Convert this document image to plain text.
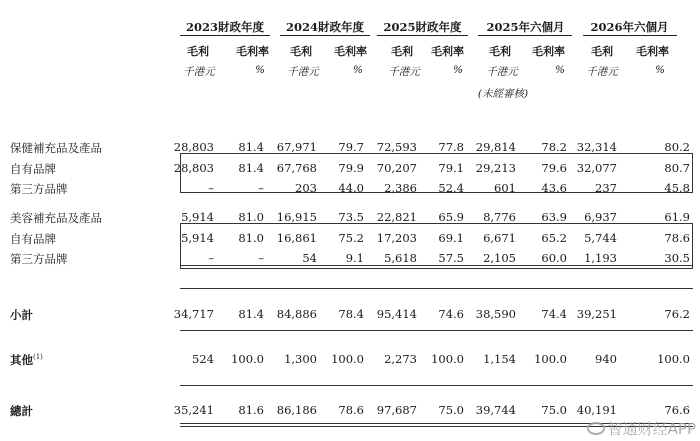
2023財政年度
毛利	毛利率
千港元	%
2024財政年度
毛利	毛利率
千港元	%
2025財政年度
毛利	毛利率
千港元	%
2025年六個月
毛利	毛利率
千港元	%
(未經審核)
2026年六個月
毛利	毛利率
千港元	%
保健補充品及產品	28,803	81.4	67,971	79.7	72,593	77.8	29,814	78.2 32,314	80.2
自有品牌	28,803	81.4	67,768	79.9	70,207	79.1	29,213	79.6 32,077	80.7
第三方品牌	–	–	203	44.0	2,386	52.4	601	43.6	237	45.8
美容補充品及產品	5,914	81.0	16,915	73.5	22,821	65.9	8,776	63.9	6,937	61.9
自有品牌	5,914	81.0	16,861	75.2	17,203	69.1	6,671	65.2	5,744	78.6
第三方品牌	–	–	54	9.1	5,618	57.5	2,105	60.0	1,193	30.5
小計	34,717	81.4	84,886	78.4	95,414	74.6	38,590	74.4 39,251	76.2
其他$^{(1)}$	524	100.0	1,300	100.0	2,273	100.0	1,154	100.0	940	100.0
總計	35,241	81.6	86,186	78.6	97,687	75.0	39,744	75.0 40,191	76.6
智通财经APP
